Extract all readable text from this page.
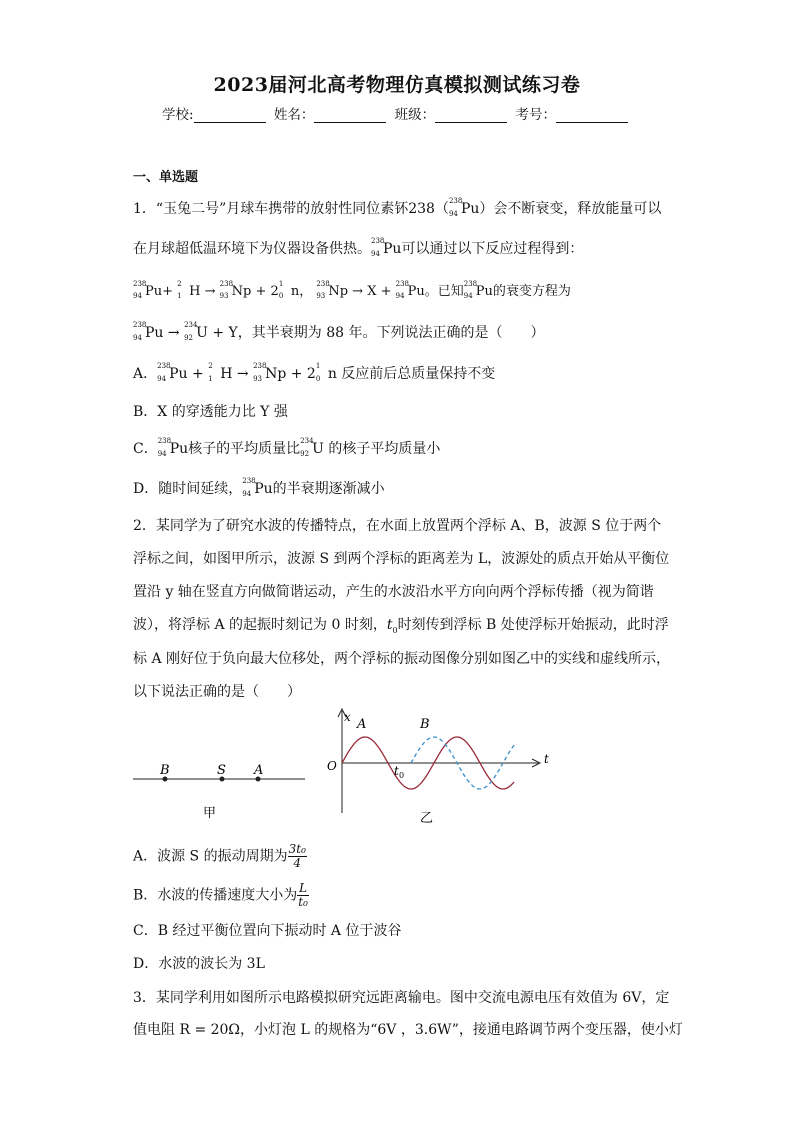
2023届河北高考物理仿真模拟测试练习卷
学校:	姓名：	班级：	考号：
一、单选题
1．“玉兔二号”月球车携带的放射性同位素钚238（ 238
94 Pu）会不断衰变，释放能量可以
在月球超低温环境下为仪器设备供热。 238
94 Pu可以通过以下反应过程得到：
238
94 Pu+ 2
1 H → 238
93 Np + 2 1
0 n， 238
93 Np → X + 238
94 Pu。已知 238
94 Pu的衰变方程为
238
94 Pu → 234
92 U + Y，其半衰期为 88 年。下列说法正确的是（　　）
A． 238
94 Pu + 2
1 H → 238
93 Np + 2 1
0 n 反应前后总质量保持不变
B．X 的穿透能力比 Y 强
C． 238
94 Pu核子的平均质量比 234
92 U 的核子平均质量小
D．随时间延续， 238
94 Pu的半衰期逐渐减小
2．某同学为了研究水波的传播特点，在水面上放置两个浮标 A、B，波源 S 位于两个
浮标之间，如图甲所示，波源 S 到两个浮标的距离差为 L，波源处的质点开始从平衡位
置沿 y 轴在竖直方向做简谐运动，产生的水波沿水平方向向两个浮标传播（视为简谐
波），将浮标 A 的起振时刻记为 0 时刻，$t_0$时刻传到浮标 B 处使浮标开始振动，此时浮
标 A 刚好位于负向最大位移处，两个浮标的振动图像分别如图乙中的实线和虚线所示，
以下说法正确的是（　　）
B	S A
甲
t
x
O
A	B
t 0
乙
A．波源 S 的振动周期为 $\frac{\text{3t₀}}{4}$
B．水波的传播速度大小为 $\frac{L}{\text{t₀}}$
C．B 经过平衡位置向下振动时 A 位于波谷
D．水波的波长为 3L
3．某同学利用如图所示电路模拟研究远距离输电。图中交流电源电压有效值为 6V，定
值电阻 R = 20Ω，小灯泡 L 的规格为“6V ，3.6W”，接通电路调节两个变压器，使小灯
